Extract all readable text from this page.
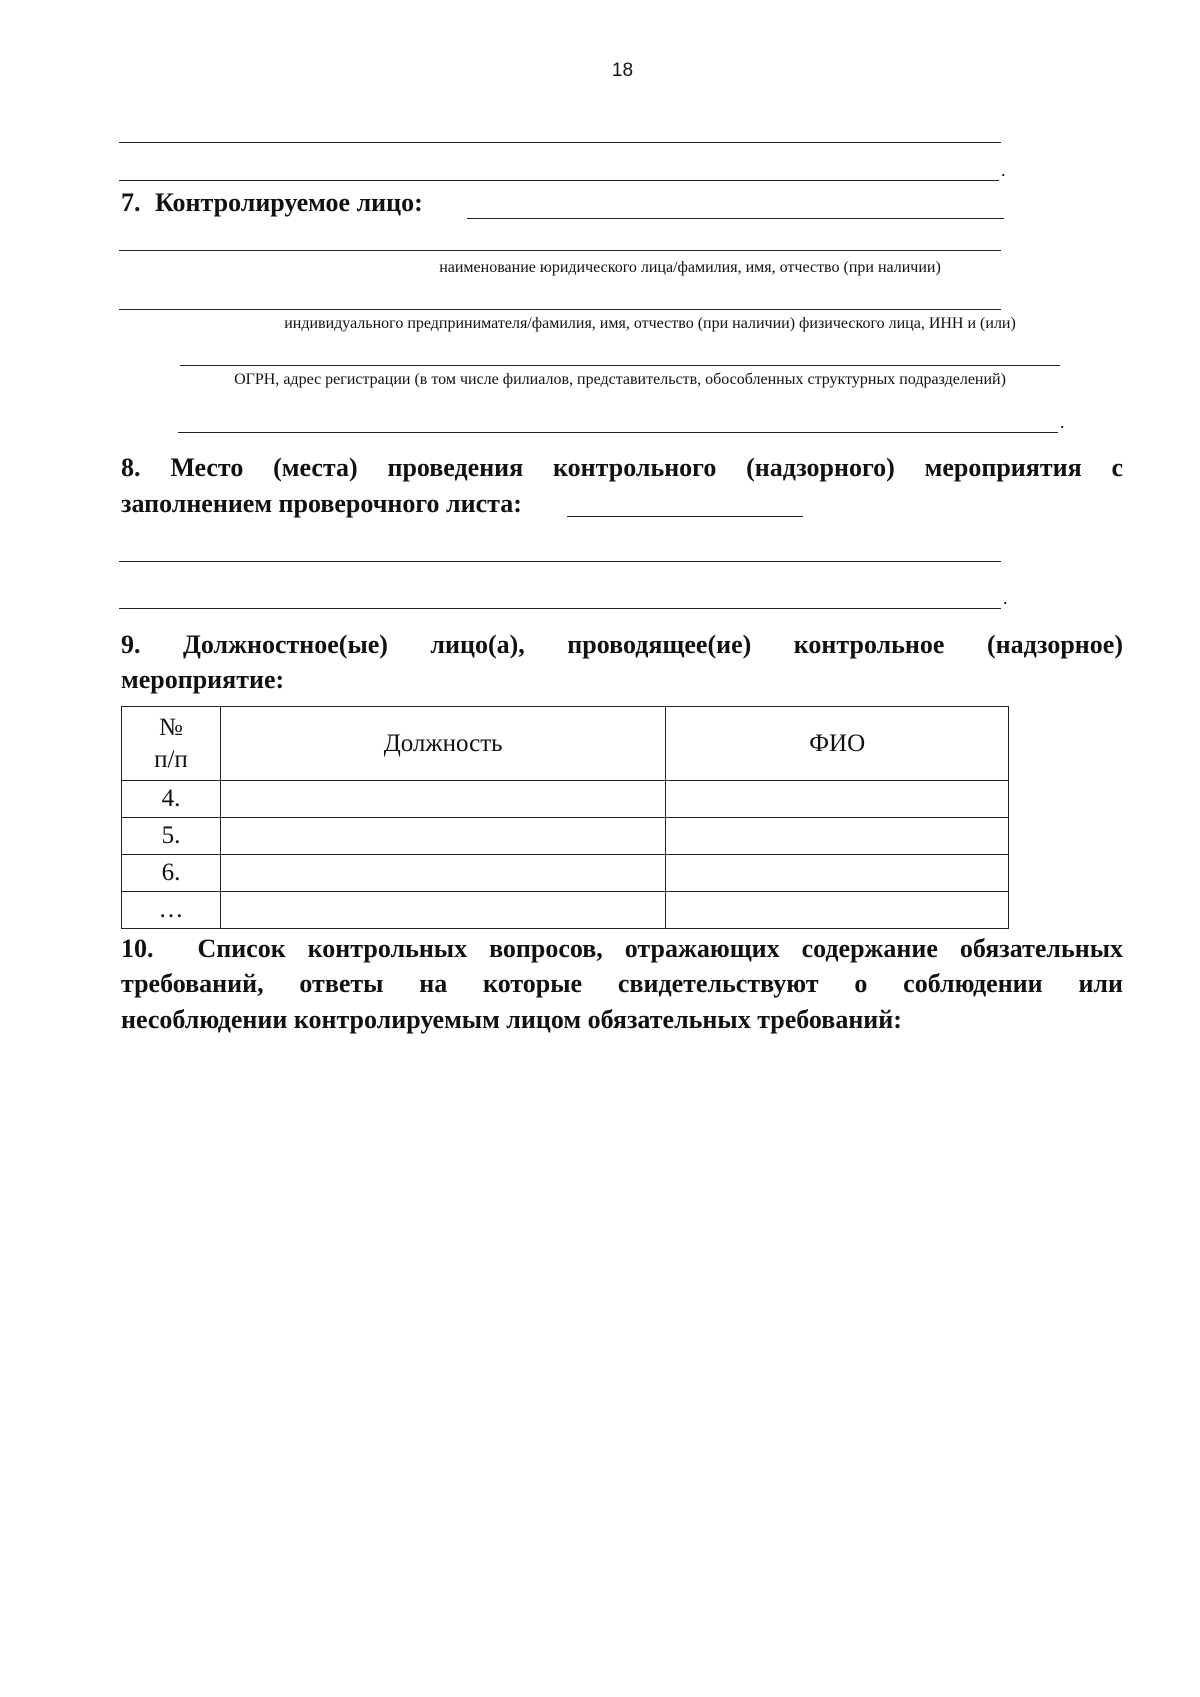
18
.
7. Контролируемое лицо:
наименование юридического лица/фамилия, имя, отчество (при наличии)
индивидуального предпринимателя/фамилия, имя, отчество (при наличии) физического лица, ИНН и (или)
ОГРН, адрес регистрации (в том числе филиалов, представительств, обособленных структурных подразделений)
.
8. Место (места) проведения контрольного (надзорного) мероприятия с
заполнением проверочного листа:
.
9. Должностное(ые) лицо(а), проводящее(ие) контрольное (надзорное)
мероприятие:
№
п/п	Должность	ФИО
4.		
5.		
6.		
…		
10.  Список контрольных вопросов, отражающих содержание обязательных
требований, ответы на которые свидетельствуют о соблюдении или
несоблюдении контролируемым лицом обязательных требований:
